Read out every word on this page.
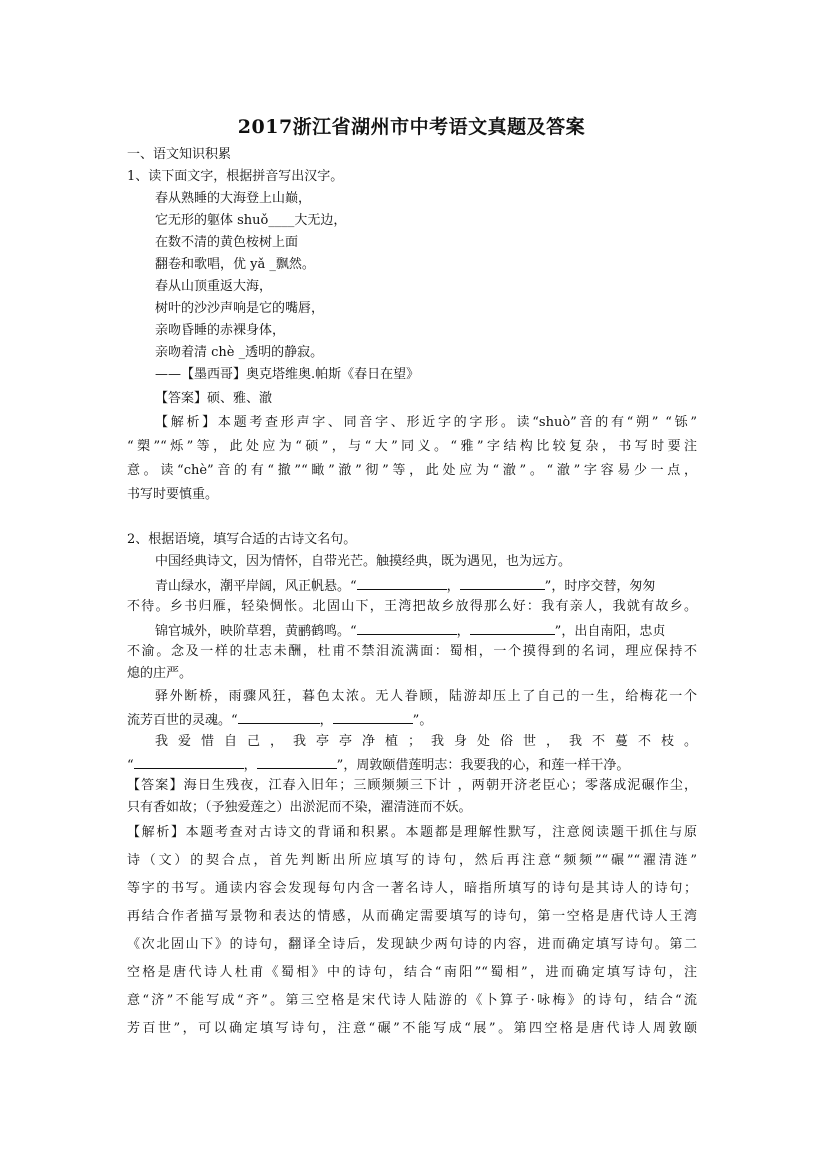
2017浙江省湖州市中考语文真题及答案
一、语文知识积累
1、读下面文字，根据拼音写出汉字。
春从熟睡的大海登上山巅，
它无形的躯体 shuǒ____大无边，
在数不清的黄色桉树上面
翻卷和歌唱，优 yǎ _飘然。
春从山顶重返大海，
树叶的沙沙声响是它的嘴唇，
亲吻昏睡的赤裸身体，
亲吻着清 chè _透明的静寂。
——【墨西哥】奥克塔维奥.帕斯《春日在望》
【答案】硕、雅、澈
【解析】本题考查形声字、同音字、形近字的字形。读“shuò”音的有“朔” “铄”
“槊”“烁”等，此处应为“硕”，与“大”同义。“雅”字结构比较复杂，书写时要注
意。读“chè”音的有“撤”“瞰”澈”彻”等，此处应为“澈”。“澈”字容易少一点，
书写时要慎重。
2、根据语境，填写合适的古诗文名句。
中国经典诗文，因为情怀，自带光芒。触摸经典，既为遇见，也为远方。
青山绿水，潮平岸阔，风正帆悬。“	，	”，时序交替，匆匆
不待。乡书归雁，轻染惆怅。北固山下，王湾把故乡放得那么好：我有亲人，我就有故乡。
锦官城外，映阶草碧，黄鹂鹤鸣。“	，	”，出自南阳，忠贞
不渝。念及一样的壮志未酬，杜甫不禁泪流满面：蜀相，一个摸得到的名词，理应保持不
熄的庄严。
驿外断桥，雨骤风狂，暮色太浓。无人眷顾，陆游却压上了自己的一生，给梅花一个
流芳百世的灵魂。“	，	”。
我爱惜自己，我亭亭净植；我身处俗世，我不蔓不枝。
“	，	”，周敦颐借莲明志：我要我的心，和莲一样干净。
【答案】海日生残夜，江春入旧年；三顾频频三下计 ，两朝开济老臣心；零落成泥碾作尘，
只有香如故；（予独爱莲之）出淤泥而不染，濯清涟而不妖。
【解析】本题考查对古诗文的背诵和积累。本题都是理解性默写，注意阅读题干抓住与原
诗（文）的契合点，首先判断出所应填写的诗句，然后再注意“频频”“碾”“濯清涟”
等字的书写。通读内容会发现每句内含一著名诗人，暗指所填写的诗句是其诗人的诗句；
再结合作者描写景物和表达的情感，从而确定需要填写的诗句，第一空格是唐代诗人王湾
《次北固山下》的诗句，翻译全诗后，发现缺少两句诗的内容，进而确定填写诗句。第二
空格是唐代诗人杜甫《蜀相》中的诗句，结合“南阳”“蜀相”，进而确定填写诗句，注
意“济”不能写成“齐”。第三空格是宋代诗人陆游的《卜算子·咏梅》的诗句，结合“流
芳百世”，可以确定填写诗句，注意“碾”不能写成“展”。第四空格是唐代诗人周敦颐
